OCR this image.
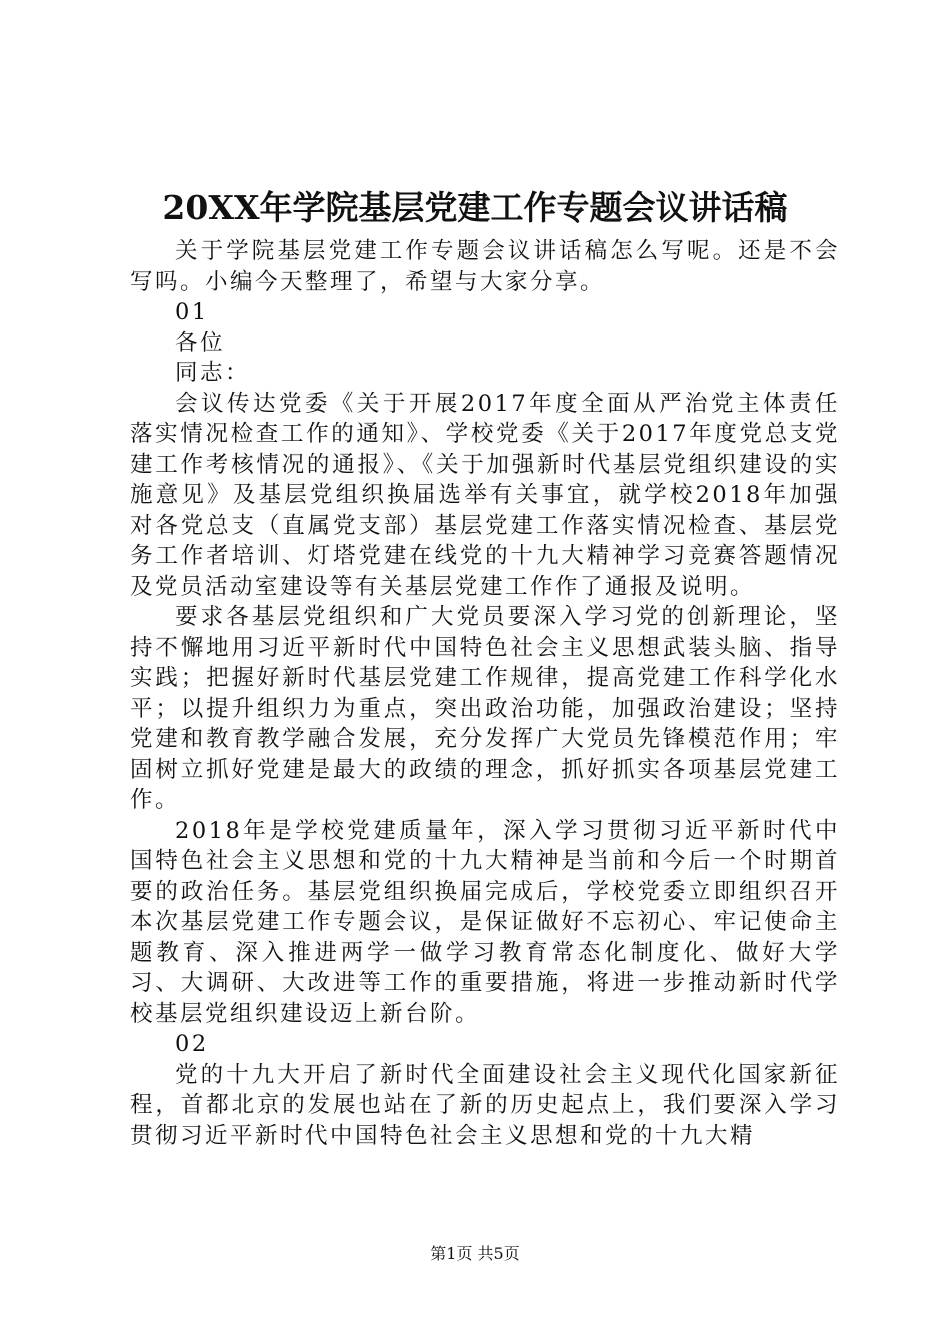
20XX年学院基层党建工作专题会议讲话稿

关于学院基层党建工作专题会议讲话稿怎么写呢。还是不会写吗。小编今天整理了，希望与大家分享。

01

各位

同志：

会议传达党委《关于开展2017年度全面从严治党主体责任落实情况检查工作的通知》、学校党委《关于2017年度党总支党建工作考核情况的通报》、《关于加强新时代基层党组织建设的实施意见》及基层党组织换届选举有关事宜，就学校2018年加强对各党总支（直属党支部）基层党建工作落实情况检查、基层党务工作者培训、灯塔党建在线党的十九大精神学习竞赛答题情况及党员活动室建设等有关基层党建工作作了通报及说明。

要求各基层党组织和广大党员要深入学习党的创新理论，坚持不懈地用习近平新时代中国特色社会主义思想武装头脑、指导实践；把握好新时代基层党建工作规律，提高党建工作科学化水平；以提升组织力为重点，突出政治功能，加强政治建设；坚持党建和教育教学融合发展，充分发挥广大党员先锋模范作用；牢固树立抓好党建是最大的政绩的理念，抓好抓实各项基层党建工作。

2018年是学校党建质量年，深入学习贯彻习近平新时代中国特色社会主义思想和党的十九大精神是当前和今后一个时期首要的政治任务。基层党组织换届完成后，学校党委立即组织召开本次基层党建工作专题会议，是保证做好不忘初心、牢记使命主题教育、深入推进两学一做学习教育常态化制度化、做好大学习、大调研、大改进等工作的重要措施，将进一步推动新时代学校基层党组织建设迈上新台阶。

02

党的十九大开启了新时代全面建设社会主义现代化国家新征程，首都北京的发展也站在了新的历史起点上，我们要深入学习贯彻习近平新时代中国特色社会主义思想和党的十九大精

第1页 共5页
